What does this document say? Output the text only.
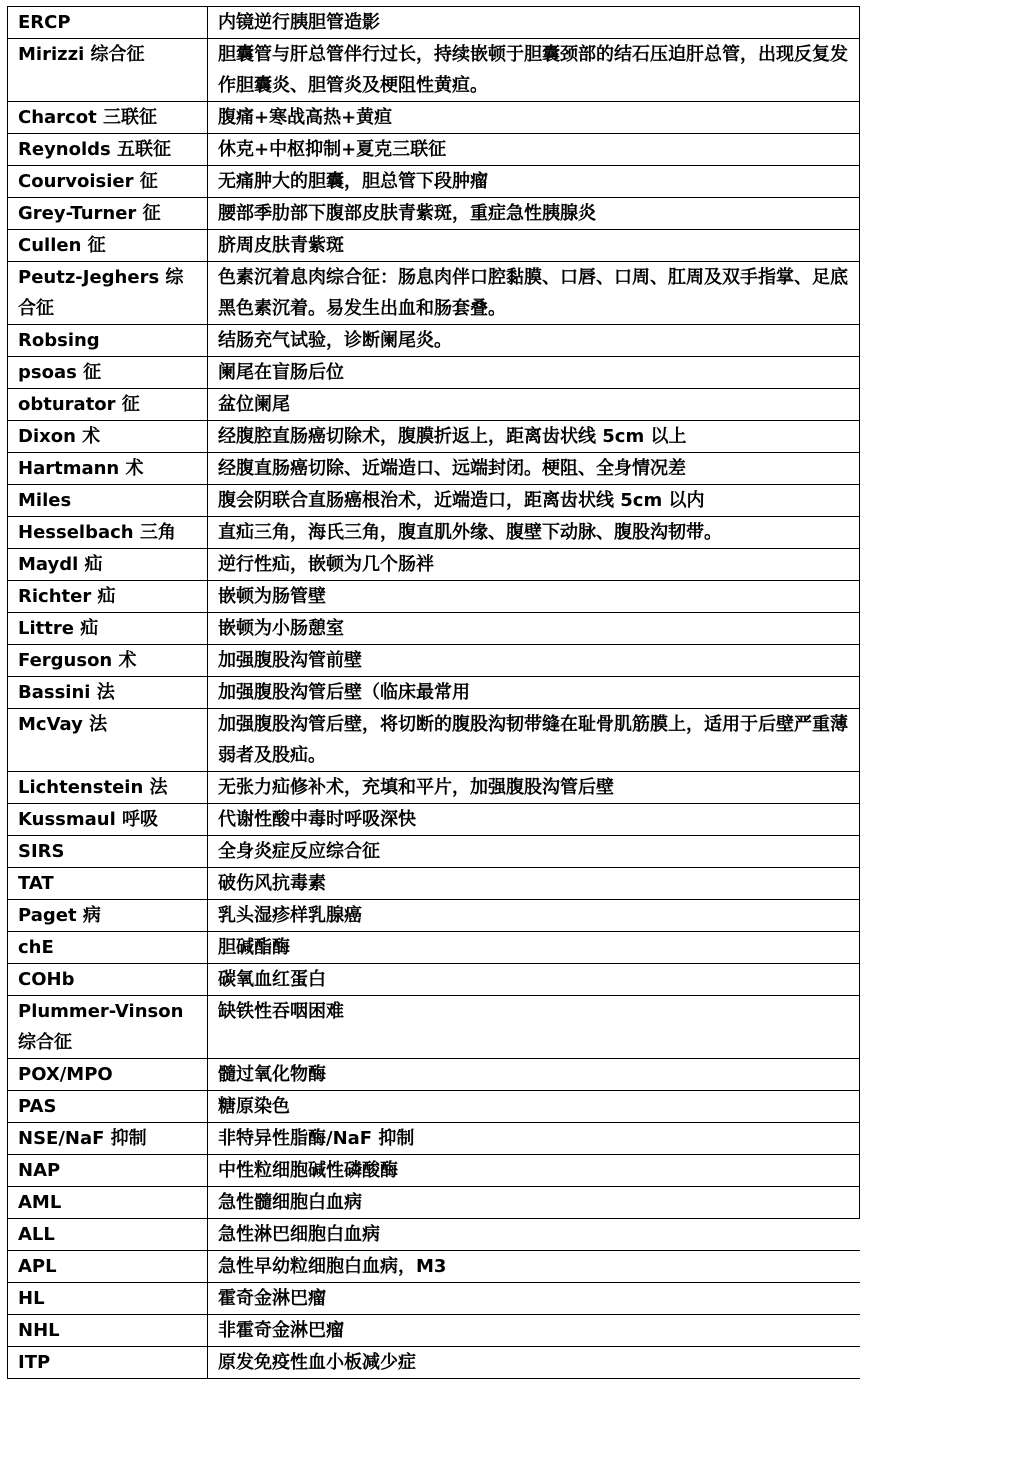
ERCP	内镜逆行胰胆管造影
Mirizzi 综合征	胆囊管与肝总管伴行过长，持续嵌顿于胆囊颈部的结石压迫肝总管，出现反复发作胆囊炎、胆管炎及梗阻性黄疸。
Charcot 三联征	腹痛+寒战高热+黄疸
Reynolds 五联征	休克+中枢抑制+夏克三联征
Courvoisier 征	无痛肿大的胆囊，胆总管下段肿瘤
Grey-Turner 征	腰部季肋部下腹部皮肤青紫斑，重症急性胰腺炎
Cullen 征	脐周皮肤青紫斑
Peutz-Jeghers 综合征	色素沉着息肉综合征：肠息肉伴口腔黏膜、口唇、口周、肛周及双手指掌、足底黑色素沉着。易发生出血和肠套叠。
Robsing	结肠充气试验，诊断阑尾炎。
psoas 征	阑尾在盲肠后位
obturator 征	盆位阑尾
Dixon 术	经腹腔直肠癌切除术，腹膜折返上，距离齿状线 5cm 以上
Hartmann 术	经腹直肠癌切除、近端造口、远端封闭。梗阻、全身情况差
Miles	腹会阴联合直肠癌根治术，近端造口，距离齿状线 5cm 以内
Hesselbach 三角	直疝三角，海氏三角，腹直肌外缘、腹壁下动脉、腹股沟韧带。
Maydl 疝	逆行性疝，嵌顿为几个肠袢
Richter 疝	嵌顿为肠管壁
Littre 疝	嵌顿为小肠憩室
Ferguson 术	加强腹股沟管前壁
Bassini 法	加强腹股沟管后壁（临床最常用
McVay 法	加强腹股沟管后壁，将切断的腹股沟韧带缝在耻骨肌筋膜上，适用于后壁严重薄弱者及股疝。
Lichtenstein 法	无张力疝修补术，充填和平片，加强腹股沟管后壁
Kussmaul 呼吸	代谢性酸中毒时呼吸深快
SIRS	全身炎症反应综合征
TAT	破伤风抗毒素
Paget 病	乳头湿疹样乳腺癌
chE	胆碱酯酶
COHb	碳氧血红蛋白
Plummer-Vinson 综合征	缺铁性吞咽困难
POX/MPO	髓过氧化物酶
PAS	糖原染色
NSE/NaF 抑制	非特异性脂酶/NaF 抑制
NAP	中性粒细胞碱性磷酸酶
AML	急性髓细胞白血病
ALL	急性淋巴细胞白血病
APL	急性早幼粒细胞白血病，M3
HL	霍奇金淋巴瘤
NHL	非霍奇金淋巴瘤
ITP	原发免疫性血小板减少症
